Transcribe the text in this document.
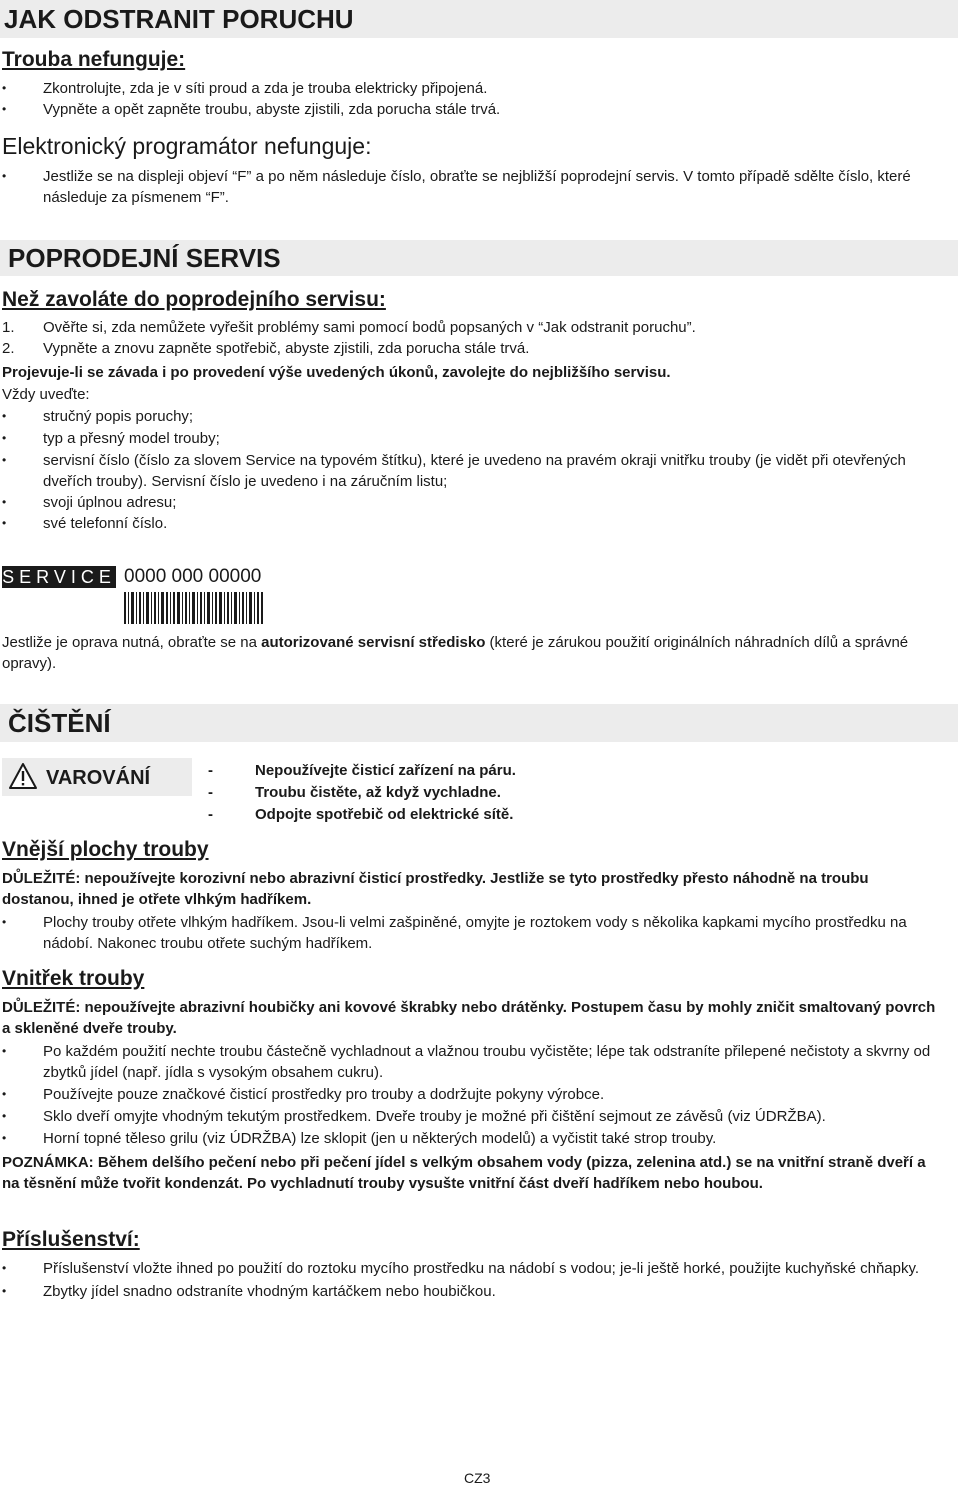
JAK ODSTRANIT PORUCHU
Trouba nefunguje:
• Zkontrolujte, zda je v síti proud a zda je trouba elektricky připojená.
• Vypněte a opět zapněte troubu, abyste zjistili, zda porucha stále trvá.
Elektronický programátor nefunguje:
• Jestliže se na displeji objeví “F” a po něm následuje číslo, obraťte se nejbližší poprodejní servis. V tomto případě sdělte číslo, které následuje za písmenem “F”.
POPRODEJNÍ SERVIS
Než zavoláte do poprodejního servisu:
1. Ověřte si, zda nemůžete vyřešit problémy sami pomocí bodů popsaných v “Jak odstranit poruchu”.
2. Vypněte a znovu zapněte spotřebič, abyste zjistili, zda porucha stále trvá.
Projevuje-li se závada i po provedení výše uvedených úkonů, zavolejte do nejbližšího servisu.
Vždy uveďte:
• stručný popis poruchy;
• typ a přesný model trouby;
• servisní číslo (číslo za slovem Service na typovém štítku), které je uvedeno na pravém okraji vnitřku trouby (je vidět při otevřených dveřích trouby). Servisní číslo je uvedeno i na záručním listu;
• svoji úplnou adresu;
• své telefonní číslo.
SERVICE 0000 000 00000
Jestliže je oprava nutná, obraťte se na autorizované servisní středisko (které je zárukou použití originálních náhradních dílů a správné opravy).
ČIŠTĚNÍ
VAROVÁNÍ	-	Nepoužívejte čisticí zařízení na páru.
-	Troubu čistěte, až když vychladne.
-	Odpojte spotřebič od elektrické sítě.
Vnější plochy trouby
DŮLEŽITÉ: nepoužívejte korozivní nebo abrazivní čisticí prostředky. Jestliže se tyto prostředky přesto náhodně na troubu dostanou, ihned je otřete vlhkým hadříkem.
• Plochy trouby otřete vlhkým hadříkem. Jsou-li velmi zašpiněné, omyjte je roztokem vody s několika kapkami mycího prostředku na nádobí. Nakonec troubu otřete suchým hadříkem.
Vnitřek trouby
DŮLEŽITÉ: nepoužívejte abrazivní houbičky ani kovové škrabky nebo drátěnky. Postupem času by mohly zničit smaltovaný povrch a skleněné dveře trouby.
• Po každém použití nechte troubu částečně vychladnout a vlažnou troubu vyčistěte; lépe tak odstraníte přilepené nečistoty a skvrny od zbytků jídel (např. jídla s vysokým obsahem cukru).
• Používejte pouze značkové čisticí prostředky pro trouby a dodržujte pokyny výrobce.
• Sklo dveří omyjte vhodným tekutým prostředkem. Dveře trouby je možné při čištění sejmout ze závěsů (viz ÚDRŽBA).
• Horní topné těleso grilu (viz ÚDRŽBA) lze sklopit (jen u některých modelů) a vyčistit také strop trouby.
POZNÁMKA: Během delšího pečení nebo při pečení jídel s velkým obsahem vody (pizza, zelenina atd.) se na vnitřní straně dveří a na těsnění může tvořit kondenzát. Po vychladnutí trouby vysušte vnitřní část dveří hadříkem nebo houbou.
Příslušenství:
• Příslušenství vložte ihned po použití do roztoku mycího prostředku na nádobí s vodou; je-li ještě horké, použijte kuchyňské chňapky.
• Zbytky jídel snadno odstraníte vhodným kartáčkem nebo houbičkou.
CZ3
